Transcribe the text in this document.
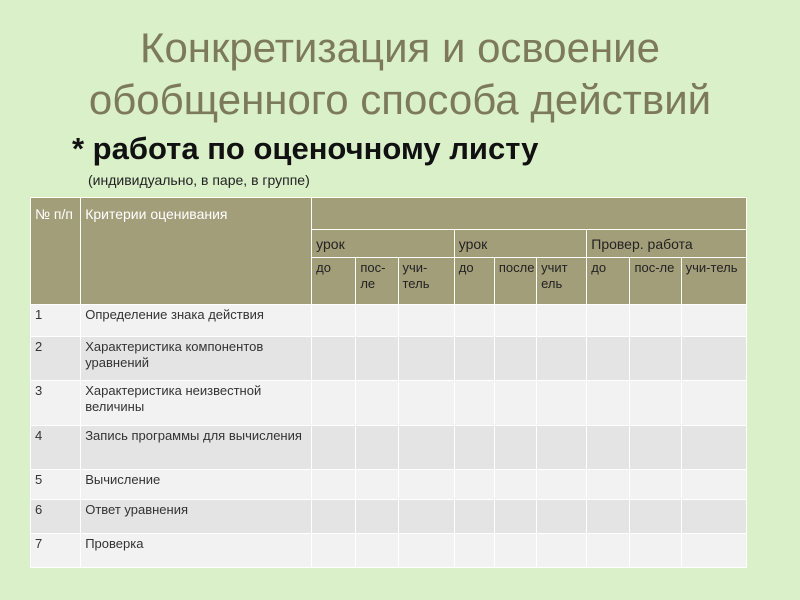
Конкретизация и освоение
обобщенного способа действий
* работа по оценочному листу
(индивидуально, в паре, в группе)
№ п/п	Критерии оценивания									
		урок			урок			Провер. работа		
		до	пос-ле	учи-тель	до	после	учит ель	до	пос-ле	учи-тель
1	Определение знака действия									
2	Характеристика компонентов уравнений									
3	Характеристика неизвестной величины									
4	Запись программы для вычисления									
5	Вычисление									
6	Ответ уравнения									
7	Проверка									
